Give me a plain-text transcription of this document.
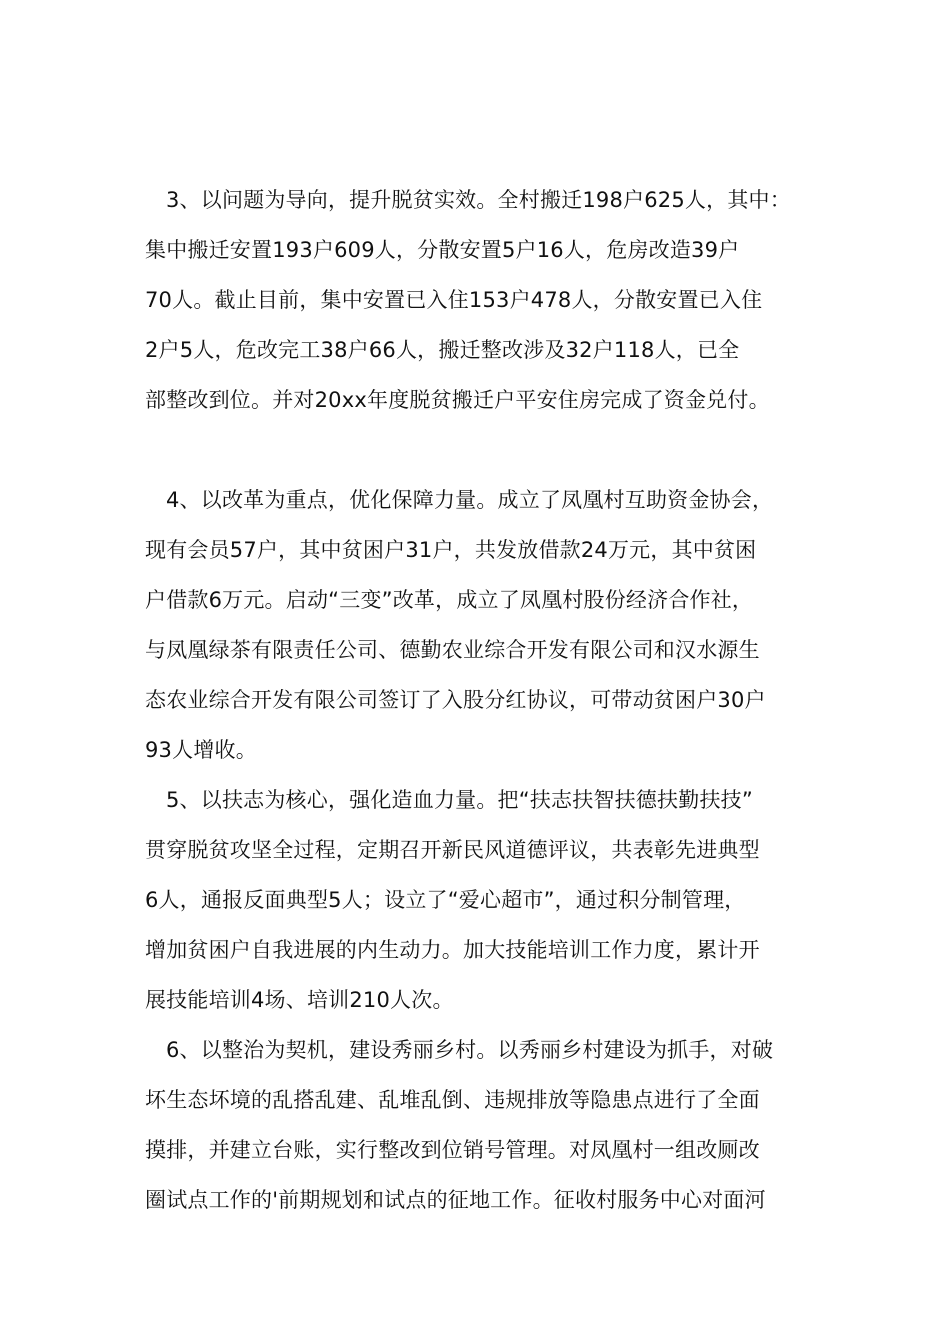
3、以问题为导向，提升脱贫实效。全村搬迁198户625人，其中：
集中搬迁安置193户609人，分散安置5户16人，危房改造39户
70人。截止目前，集中安置已入住153户478人，分散安置已入住
2户5人，危改完工38户66人，搬迁整改涉及32户118人，已全
部整改到位。并对20xx年度脱贫搬迁户平安住房完成了资金兑付。
4、以改革为重点，优化保障力量。成立了凤凰村互助资金协会，
现有会员57户，其中贫困户31户，共发放借款24万元，其中贫困
户借款6万元。启动“三变”改革，成立了凤凰村股份经济合作社，
与凤凰绿茶有限责任公司、德勤农业综合开发有限公司和汉水源生
态农业综合开发有限公司签订了入股分红协议，可带动贫困户30户
93人增收。
5、以扶志为核心，强化造血力量。把“扶志扶智扶德扶勤扶技”
贯穿脱贫攻坚全过程，定期召开新民风道德评议，共表彰先进典型
6人，通报反面典型5人；设立了“爱心超市”，通过积分制管理，
增加贫困户自我进展的内生动力。加大技能培训工作力度，累计开
展技能培训4场、培训210人次。
6、以整治为契机，建设秀丽乡村。以秀丽乡村建设为抓手，对破
坏生态坏境的乱搭乱建、乱堆乱倒、违规排放等隐患点进行了全面
摸排，并建立台账，实行整改到位销号管理。对凤凰村一组改厕改
圈试点工作的'前期规划和试点的征地工作。征收村服务中心对面河
